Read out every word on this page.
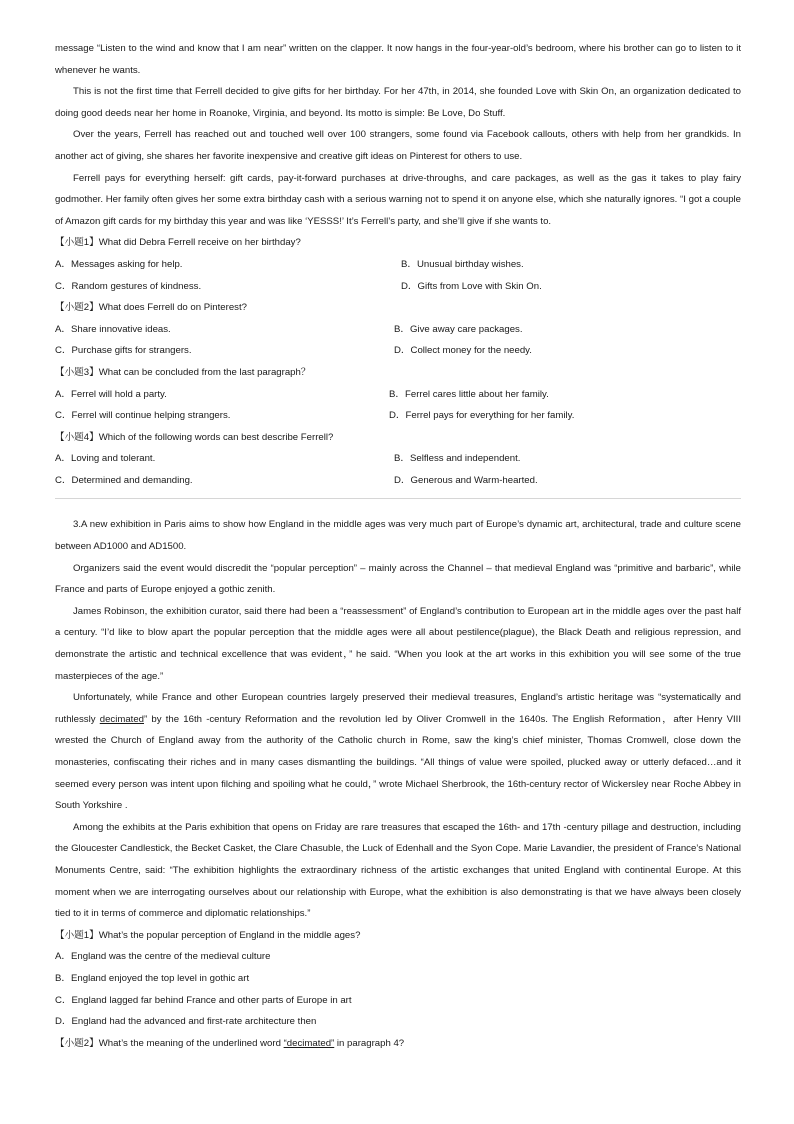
message “Listen to the wind and know that I am near” written on the clapper. It now hangs in the four-year-old’s bedroom, where his brother can go to listen to it whenever he wants.

This is not the first time that Ferrell decided to give gifts for her birthday. For her 47th, in 2014, she founded Love with Skin On, an organization dedicated to doing good deeds near her home in Roanoke, Virginia, and beyond. Its motto is simple: Be Love, Do Stuff.

Over the years, Ferrell has reached out and touched well over 100 strangers, some found via Facebook callouts, others with help from her grandkids. In another act of giving, she shares her favorite inexpensive and creative gift ideas on Pinterest for others to use.

Ferrell pays for everything herself: gift cards, pay-it-forward purchases at drive-throughs, and care packages, as well as the gas it takes to play fairy godmother. Her family often gives her some extra birthday cash with a serious warning not to spend it on anyone else, which she naturally ignores. “I got a couple of Amazon gift cards for my birthday this year and was like ‘YESSS!’ It’s Ferrell’s party, and she’ll give if she wants to.

【小题1】What did Debra Ferrell receive on her birthday?

A．Messages asking for help.	B．Unusual birthday wishes.
C．Random gestures of kindness.	D．Gifts from Love with Skin On.

【小题2】What does Ferrell do on Pinterest?

A．Share innovative ideas.	B．Give away care packages.
C．Purchase gifts for strangers.	D．Collect money for the needy.

【小题3】What can be concluded from the last paragraph？

A．Ferrel will hold a party.	B．Ferrel cares little about her family.
C．Ferrel will continue helping strangers.	D．Ferrel pays for everything for her family.

【小题4】Which of the following words can best describe Ferrell?

A．Loving and tolerant.	B．Selfless and independent.
C．Determined and demanding.	D．Generous and Warm-hearted.

3.A new exhibition in Paris aims to show how England in the middle ages was very much part of Europe’s dynamic art, architectural, trade and culture scene between AD1000 and AD1500.

Organizers said the event would discredit the “popular perception” – mainly across the Channel – that medieval England was “primitive and barbaric”, while France and parts of Europe enjoyed a gothic zenith.

James Robinson, the exhibition curator, said there had been a “reassessment” of England’s contribution to European art in the middle ages over the past half a century. “I’d like to blow apart the popular perception that the middle ages were all about pestilence(plague), the Black Death and religious repression, and demonstrate the artistic and technical excellence that was evident，” he said. “When you look at the art works in this exhibition you will see some of the true masterpieces of the age.”

Unfortunately, while France and other European countries largely preserved their medieval treasures, England’s artistic heritage was “systematically and ruthlessly decimated” by the 16th -century Reformation and the revolution led by Oliver Cromwell in the 1640s. The English Reformation，after Henry VIII wrested the Church of England away from the authority of the Catholic church in Rome, saw the king’s chief minister, Thomas Cromwell, close down the monasteries, confiscating their riches and in many cases dismantling the buildings. “All things of value were spoiled, plucked away or utterly defaced…and it seemed every person was intent upon filching and spoiling what he could，” wrote Michael Sherbrook, the 16th-century rector of Wickersley near Roche Abbey in South Yorkshire .

Among the exhibits at the Paris exhibition that opens on Friday are rare treasures that escaped the 16th- and 17th -century pillage and destruction, including the Gloucester Candlestick, the Becket Casket, the Clare Chasuble, the Luck of Edenhall and the Syon Cope. Marie Lavandier, the president of France’s National Monuments Centre, said: “The exhibition highlights the extraordinary richness of the artistic exchanges that united England with continental Europe. At this moment when we are interrogating ourselves about our relationship with Europe, what the exhibition is also demonstrating is that we have always been closely tied to it in terms of commerce and diplomatic relationships.”

【小题1】What’s the popular perception of England in the middle ages?

A．England was the centre of the medieval culture

B．England enjoyed the top level in gothic art

C．England lagged far behind France and other parts of Europe in art

D．England had the advanced and first-rate architecture then

【小题2】What’s the meaning of the underlined word “decimated” in paragraph 4?
